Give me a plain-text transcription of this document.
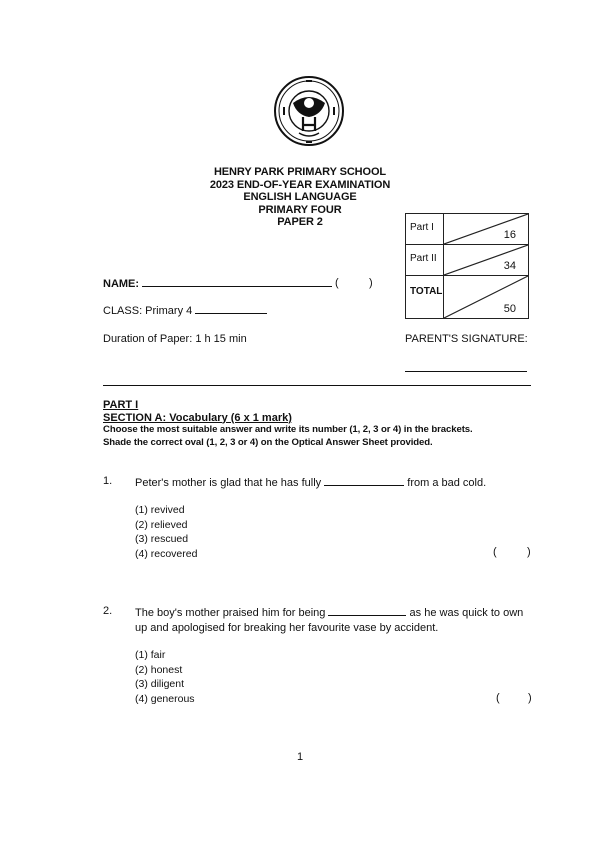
HENRY PARK PRIMARY SCHOOL
2023 END-OF-YEAR EXAMINATION
ENGLISH LANGUAGE
PRIMARY FOUR
PAPER 2	Part I	16

Part II	34

TOTAL	50
NAME:	(	)
CLASS: Primary 4
Duration of Paper: 1 h 15 min	PARENT'S SIGNATURE:
PART I
SECTION A: Vocabulary (6 x 1 mark)
Choose the most suitable answer and write its number (1, 2, 3 or 4) in the brackets.
Shade the correct oval (1, 2, 3 or 4) on the Optical Answer Sheet provided.
1. Peter's mother is glad that he has fully	from a bad cold.
(1) revived
(2) relieved
(3) rescued
(4) recovered	(	)
2. The boy's mother praised him for being	as he was quick to own
up and apologised for breaking her favourite vase by accident.
(1) fair
(2) honest
(3) diligent
(4) generous	(	)
1
